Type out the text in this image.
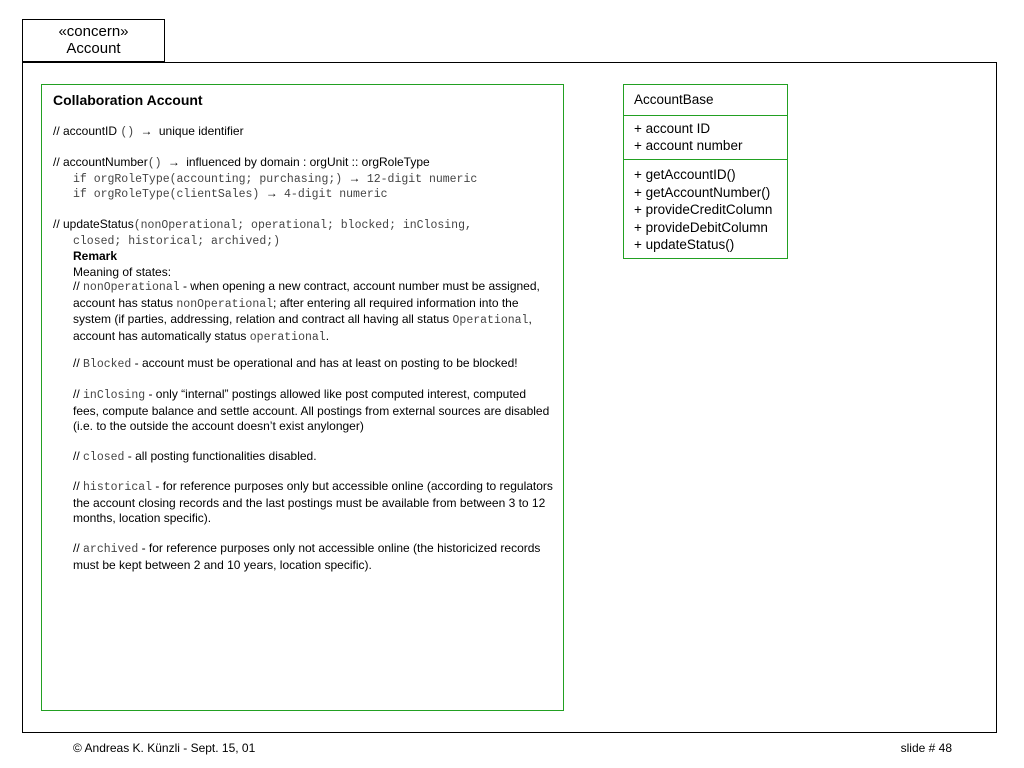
«concern»
Account
Collaboration Account
// accountID () → unique identifier
// accountNumber() → influenced by domain : orgUnit :: orgRoleType
if orgRoleType(accounting; purchasing;) → 12-digit numeric
if orgRoleType(clientSales) → 4-digit numeric
// updateStatus(nonOperational; operational; blocked; inClosing,
closed; historical; archived;)
Remark
Meaning of states:
// nonOperational - when opening a new contract, account number must be assigned, account has status nonOperational; after entering all required information into the system (if parties, addressing, relation and contract all having all status Operational, account has automatically status operational.
// Blocked - account must be operational and has at least on posting to be blocked!
// inClosing - only “internal” postings allowed like post computed interest, computed fees, compute balance and settle account. All postings from external sources are disabled (i.e. to the outside the account doesn’t exist anylonger)
// closed - all posting functionalities disabled.
// historical - for reference purposes only but accessible online (according to regulators the account closing records and the last postings must be available from between 3 to 12 months, location specific).
// archived - for reference purposes only not accessible online (the historicized records must be kept between 2 and 10 years, location specific).
AccountBase
+ account ID
+ account number
+ getAccountID()
+ getAccountNumber()
+ provideCreditColumn
+ provideDebitColumn
+ updateStatus()
© Andreas K. Künzli - Sept. 15, 01	slide # 48
